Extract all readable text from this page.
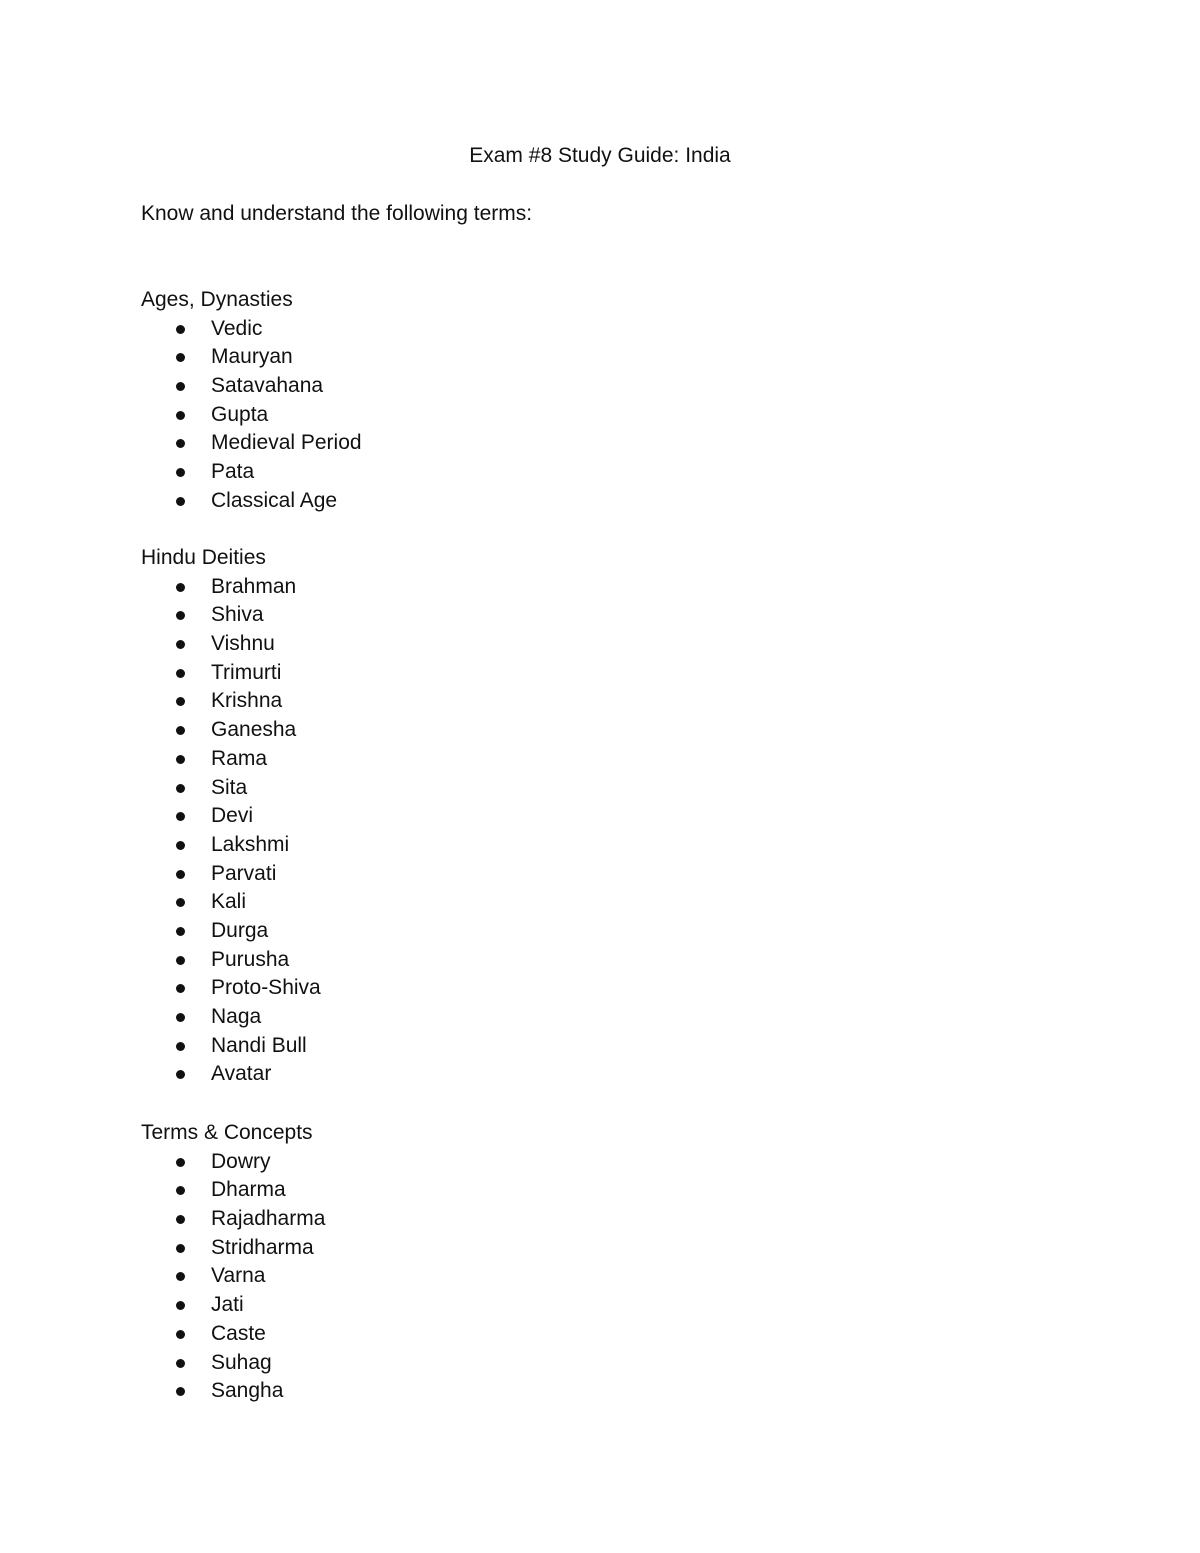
Exam #8 Study Guide: India
Know and understand the following terms:
Ages, Dynasties
Vedic
Mauryan
Satavahana
Gupta
Medieval Period
Pata
Classical Age
Hindu Deities
Brahman
Shiva
Vishnu
Trimurti
Krishna
Ganesha
Rama
Sita
Devi
Lakshmi
Parvati
Kali
Durga
Purusha
Proto-Shiva
Naga
Nandi Bull
Avatar
Terms & Concepts
Dowry
Dharma
Rajadharma
Stridharma
Varna
Jati
Caste
Suhag
Sangha
